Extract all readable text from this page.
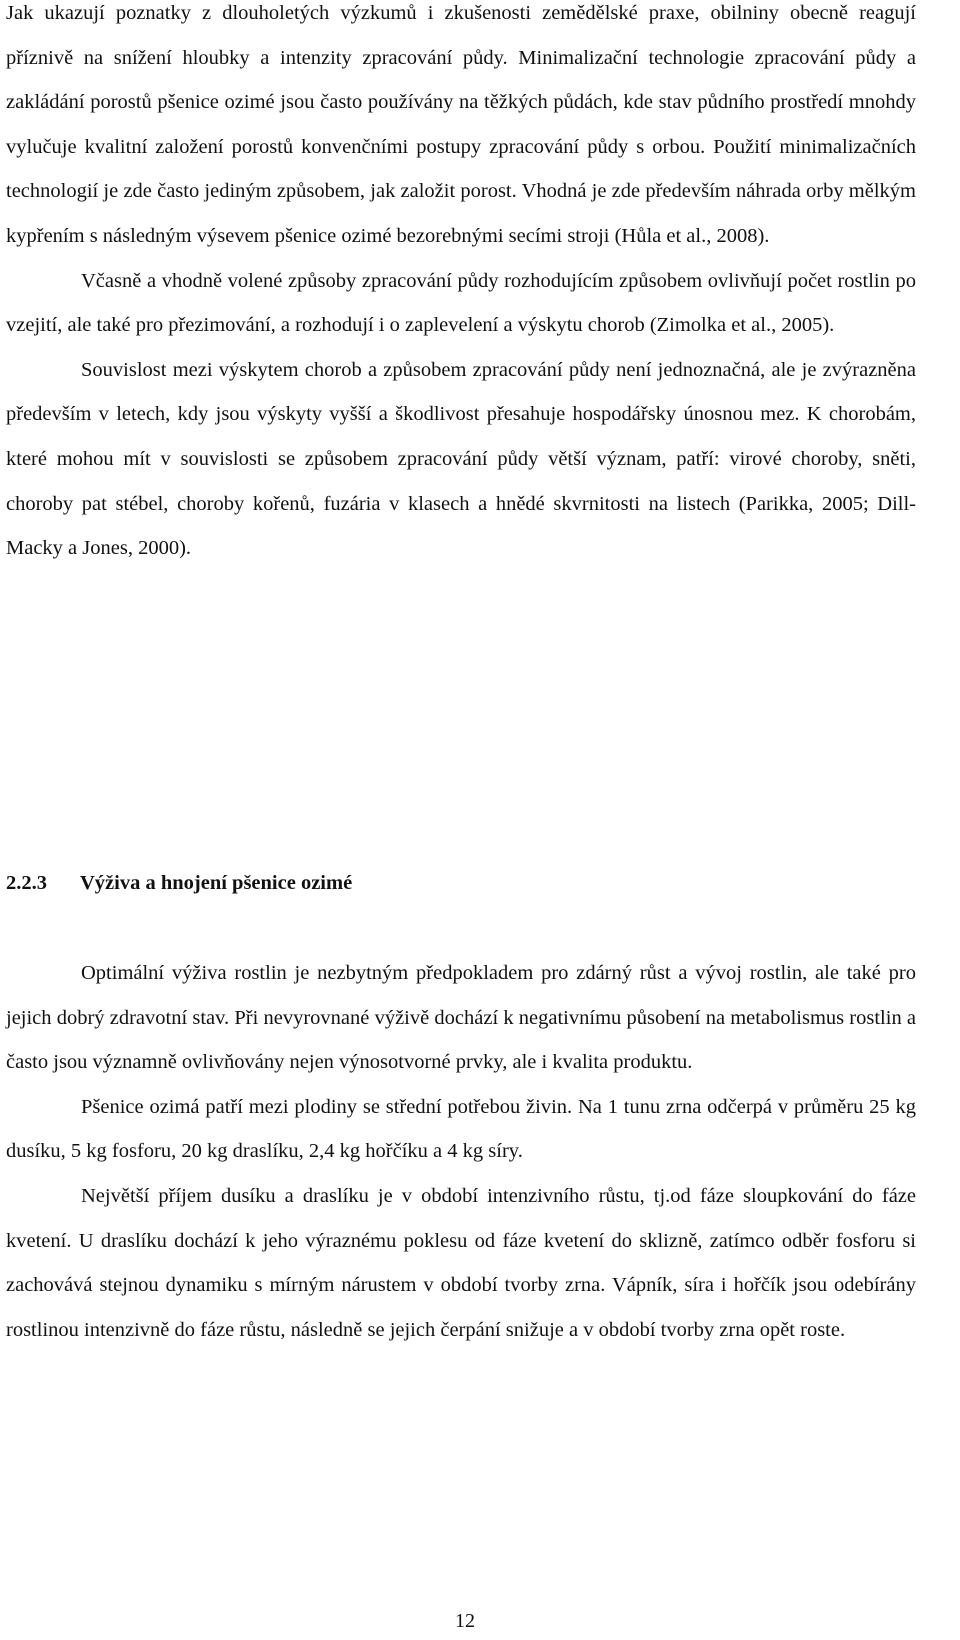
Jak ukazují poznatky z dlouholetých výzkumů i zkušenosti zemědělské praxe, obilniny obecně reagují příznivě na snížení hloubky a intenzity zpracování půdy. Minimalizační technologie zpracování půdy a zakládání porostů pšenice ozimé jsou často používány na těžkých půdách, kde stav půdního prostředí mnohdy vylučuje kvalitní založení porostů konvenčními postupy zpracování půdy s orbou. Použití minimalizačních technologií je zde často jediným způsobem, jak založit porost. Vhodná je zde především náhrada orby mělkým kypřením s následným výsevem pšenice ozimé bezorebnými secími stroji (Hůla et al., 2008).

Včasně a vhodně volené způsoby zpracování půdy rozhodujícím způsobem ovlivňují počet rostlin po vzejití, ale také pro přezimování, a rozhodují i o zaplevelení a výskytu chorob (Zimolka et al., 2005).

Souvislost mezi výskytem chorob a způsobem zpracování půdy není jednoznačná, ale je zvýrazněna především v letech, kdy jsou výskyty vyšší a škodlivost přesahuje hospodářsky únosnou mez. K chorobám, které mohou mít v souvislosti se způsobem zpracování půdy větší význam, patří: virové choroby, sněti, choroby pat stébel, choroby kořenů, fuzária v klasech a hnědé skvrnitosti na listech (Parikka, 2005; Dill-Macky a Jones, 2000).

2.2.3 Výživa a hnojení pšenice ozimé

Optimální výživa rostlin je nezbytným předpokladem pro zdárný růst a vývoj rostlin, ale také pro jejich dobrý zdravotní stav. Při nevyrovnané výživě dochází k negativnímu působení na metabolismus rostlin a často jsou významně ovlivňovány nejen výnosotvorné prvky, ale i kvalita produktu.

Pšenice ozimá patří mezi plodiny se střední potřebou živin. Na 1 tunu zrna odčerpá v průměru 25 kg dusíku, 5 kg fosforu, 20 kg draslíku, 2,4 kg hořčíku a 4 kg síry.

Největší příjem dusíku a draslíku je v období intenzivního růstu, tj.od fáze sloupkování do fáze kvetení. U draslíku dochází k jeho výraznému poklesu od fáze kvetení do sklizně, zatímco odběr fosforu si zachovává stejnou dynamiku s mírným nárustem v období tvorby zrna. Vápník, síra i hořčík jsou odebírány rostlinou intenzivně do fáze růstu, následně se jejich čerpání snižuje a v období tvorby zrna opět roste.

12
